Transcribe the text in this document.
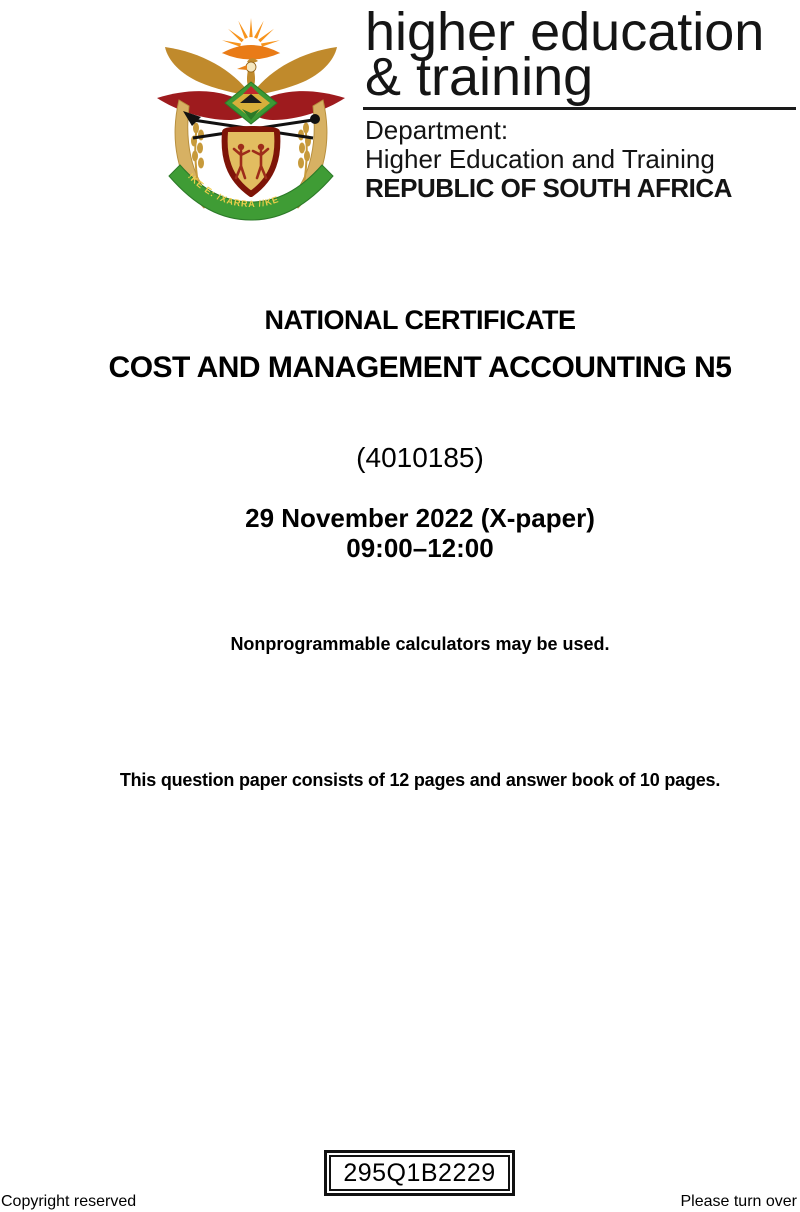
!KE E: /XARRA //KE
higher education
& training
Department:
Higher Education and Training
REPUBLIC OF SOUTH AFRICA
NATIONAL CERTIFICATE
COST AND MANAGEMENT ACCOUNTING N5
(4010185)
29 November 2022 (X-paper)
09:00–12:00
Nonprogrammable calculators may be used.
This question paper consists of 12 pages and answer book of 10 pages.
295Q1B2229
Copyright reserved	Please turn over
